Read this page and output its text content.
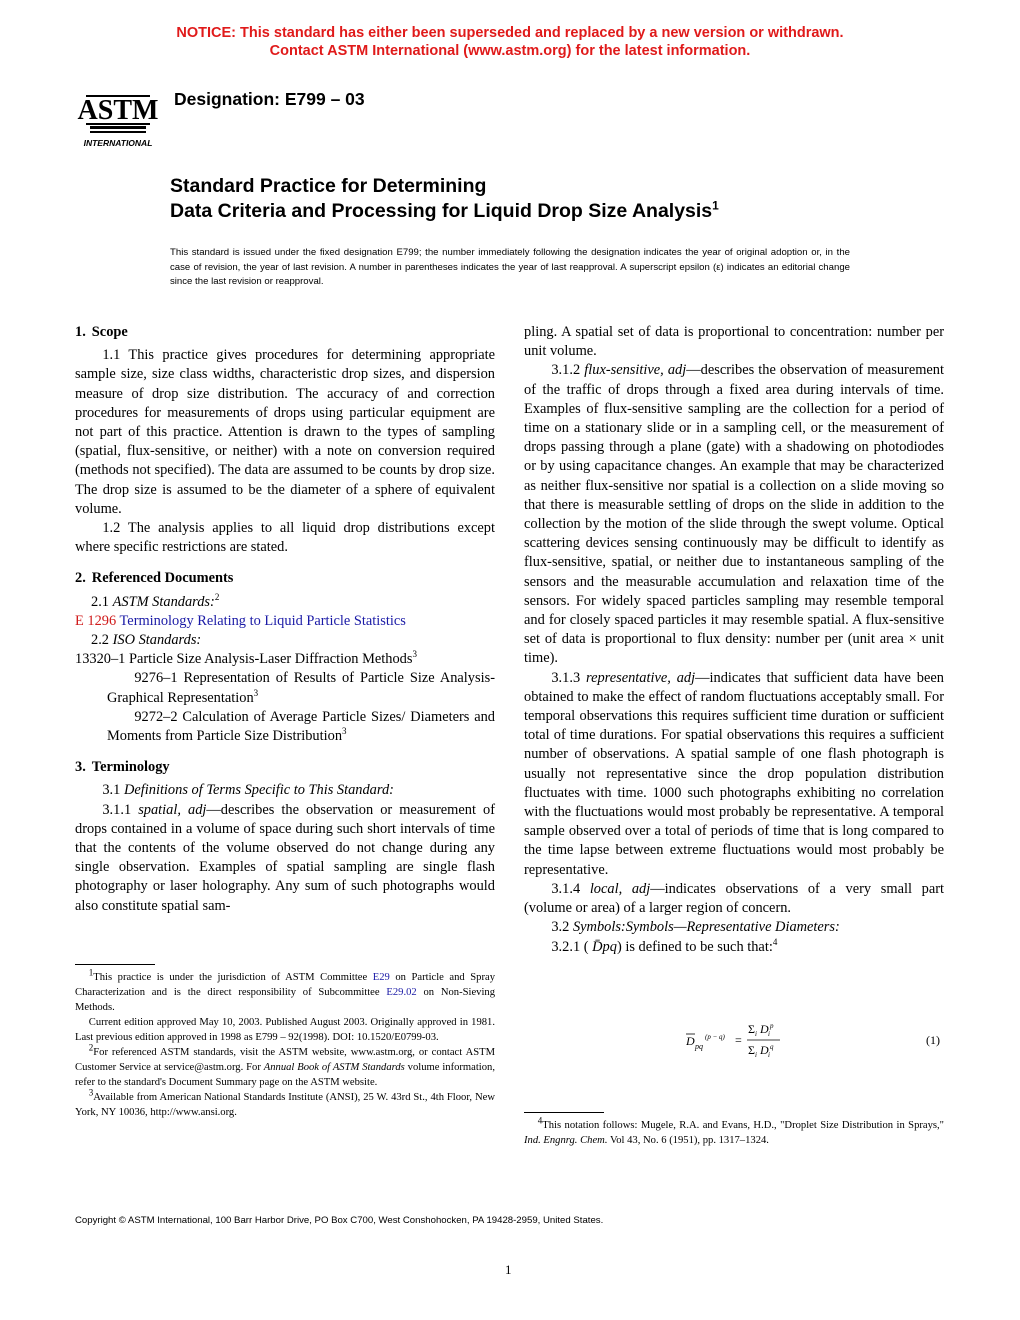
NOTICE: This standard has either been superseded and replaced by a new version or withdrawn.
Contact ASTM International (www.astm.org) for the latest information.
ASTM
INTERNATIONAL
Designation: E799 – 03
Standard Practice for Determining
Data Criteria and Processing for Liquid Drop Size Analysis$^1$
This standard is issued under the fixed designation E799; the number immediately following the designation indicates the year of original adoption or, in the case of revision, the year of last revision. A number in parentheses indicates the year of last reapproval. A superscript epsilon (ε) indicates an editorial change since the last revision or reapproval.
1. Scope

1.1 This practice gives procedures for determining appropriate sample size, size class widths, characteristic drop sizes, and dispersion measure of drop size distribution. The accuracy of and correction procedures for measurements of drops using particular equipment are not part of this practice. Attention is drawn to the types of sampling (spatial, flux-sensitive, or neither) with a note on conversion required (methods not specified). The data are assumed to be counts by drop size. The drop size is assumed to be the diameter of a sphere of equivalent volume.

1.2 The analysis applies to all liquid drop distributions except where specific restrictions are stated.

2. Referenced Documents

2.1 ASTM Standards:$^2$

E 1296 Terminology Relating to Liquid Particle Statistics

2.2 ISO Standards:

13320–1 Particle Size Analysis-Laser Diffraction Methods$^3$

9276–1 Representation of Results of Particle Size Analysis-Graphical Representation$^3$

9272–2 Calculation of Average Particle Sizes/ Diameters and Moments from Particle Size Distribution$^3$

3. Terminology

3.1 Definitions of Terms Specific to This Standard:

3.1.1 spatial, adj—describes the observation or measurement of drops contained in a volume of space during such short intervals of time that the contents of the volume observed do not change during any single observation. Examples of spatial sampling are single flash photography or laser holography. Any sum of such photographs would also constitute spatial sam-

pling. A spatial set of data is proportional to concentration: number per unit volume.

3.1.2 flux-sensitive, adj—describes the observation of measurement of the traffic of drops through a fixed area during intervals of time. Examples of flux-sensitive sampling are the collection for a period of time on a stationary slide or in a sampling cell, or the measurement of drops passing through a plane (gate) with a shadowing on photodiodes or by using capacitance changes. An example that may be characterized as neither flux-sensitive nor spatial is a collection on a slide moving so that there is measurable settling of drops on the slide in addition to the collection by the motion of the slide through the swept volume. Optical scattering devices sensing continuously may be difficult to identify as flux-sensitive, spatial, or neither due to instantaneous sampling of the sensors and the measurable accumulation and relaxation time of the sensors. For widely spaced particles sampling may resemble temporal and for closely spaced particles it may resemble spatial. A flux-sensitive set of data is proportional to flux density: number per (unit area × unit time).

3.1.3 representative, adj—indicates that sufficient data have been obtained to make the effect of random fluctuations acceptably small. For temporal observations this requires sufficient time duration or sufficient total of time durations. For spatial observations this requires a sufficient number of observations. A spatial sample of one flash photograph is usually not representative since the drop population distribution fluctuates with time. 1000 such photographs exhibiting no correlation with the fluctuations would most probably be representative. A temporal sample observed over a total of periods of time that is long compared to the time lapse between extreme fluctuations would most probably be representative.

3.1.4 local, adj—indicates observations of a very small part (volume or area) of a larger region of concern.

3.2 Symbols:Symbols—Representative Diameters:

3.2.1 ( D̄pq) is defined to be such that:$^4$

D pq
(p − q) =
Σ i D i
p
Σ i D i
q	(1)

$^1$This practice is under the jurisdiction of ASTM Committee E29 on Particle and Spray Characterization and is the direct responsibility of Subcommittee E29.02 on Non-Sieving Methods.

Current edition approved May 10, 2003. Published August 2003. Originally approved in 1981. Last previous edition approved in 1998 as E799 – 92(1998). DOI: 10.1520/E0799-03.

$^2$For referenced ASTM standards, visit the ASTM website, www.astm.org, or contact ASTM Customer Service at service@astm.org. For Annual Book of ASTM Standards volume information, refer to the standard's Document Summary page on the ASTM website.

$^3$Available from American National Standards Institute (ANSI), 25 W. 43rd St., 4th Floor, New York, NY 10036, http://www.ansi.org.

$^4$This notation follows: Mugele, R.A. and Evans, H.D., "Droplet Size Distribution in Sprays," Ind. Engnrg. Chem. Vol 43, No. 6 (1951), pp. 1317–1324.

Copyright © ASTM International, 100 Barr Harbor Drive, PO Box C700, West Conshohocken, PA 19428-2959, United States.
1
